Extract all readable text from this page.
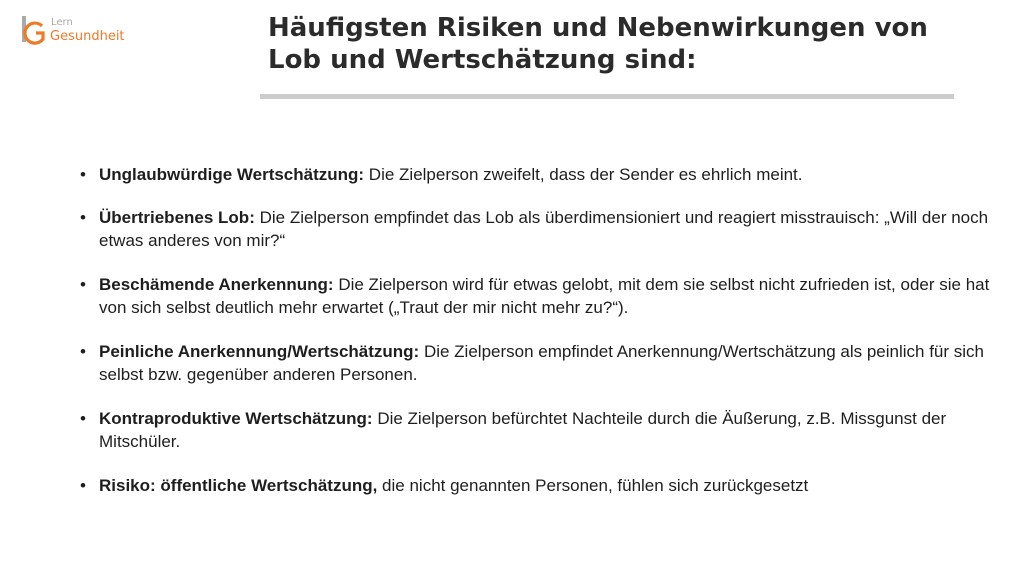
Lern
Gesundheit	Häufigsten Risiken und Nebenwirkungen von
Lob und Wertschätzung sind:
• Unglaubwürdige Wertschätzung: Die Zielperson zweifelt, dass der Sender es ehrlich meint.
• Übertriebenes Lob: Die Zielperson empfindet das Lob als überdimensioniert und reagiert misstrauisch: „Will der noch etwas anderes von mir?“
• Beschämende Anerkennung: Die Zielperson wird für etwas gelobt, mit dem sie selbst nicht zufrieden ist, oder sie hat von sich selbst deutlich mehr erwartet („Traut der mir nicht mehr zu?“).
• Peinliche Anerkennung/Wertschätzung: Die Zielperson empfindet Anerkennung/Wertschätzung als peinlich für sich selbst bzw. gegenüber anderen Personen.
• Kontraproduktive Wertschätzung: Die Zielperson befürchtet Nachteile durch die Äußerung, z.B. Missgunst der Mitschüler.
• Risiko: öffentliche Wertschätzung, die nicht genannten Personen, fühlen sich zurückgesetzt
